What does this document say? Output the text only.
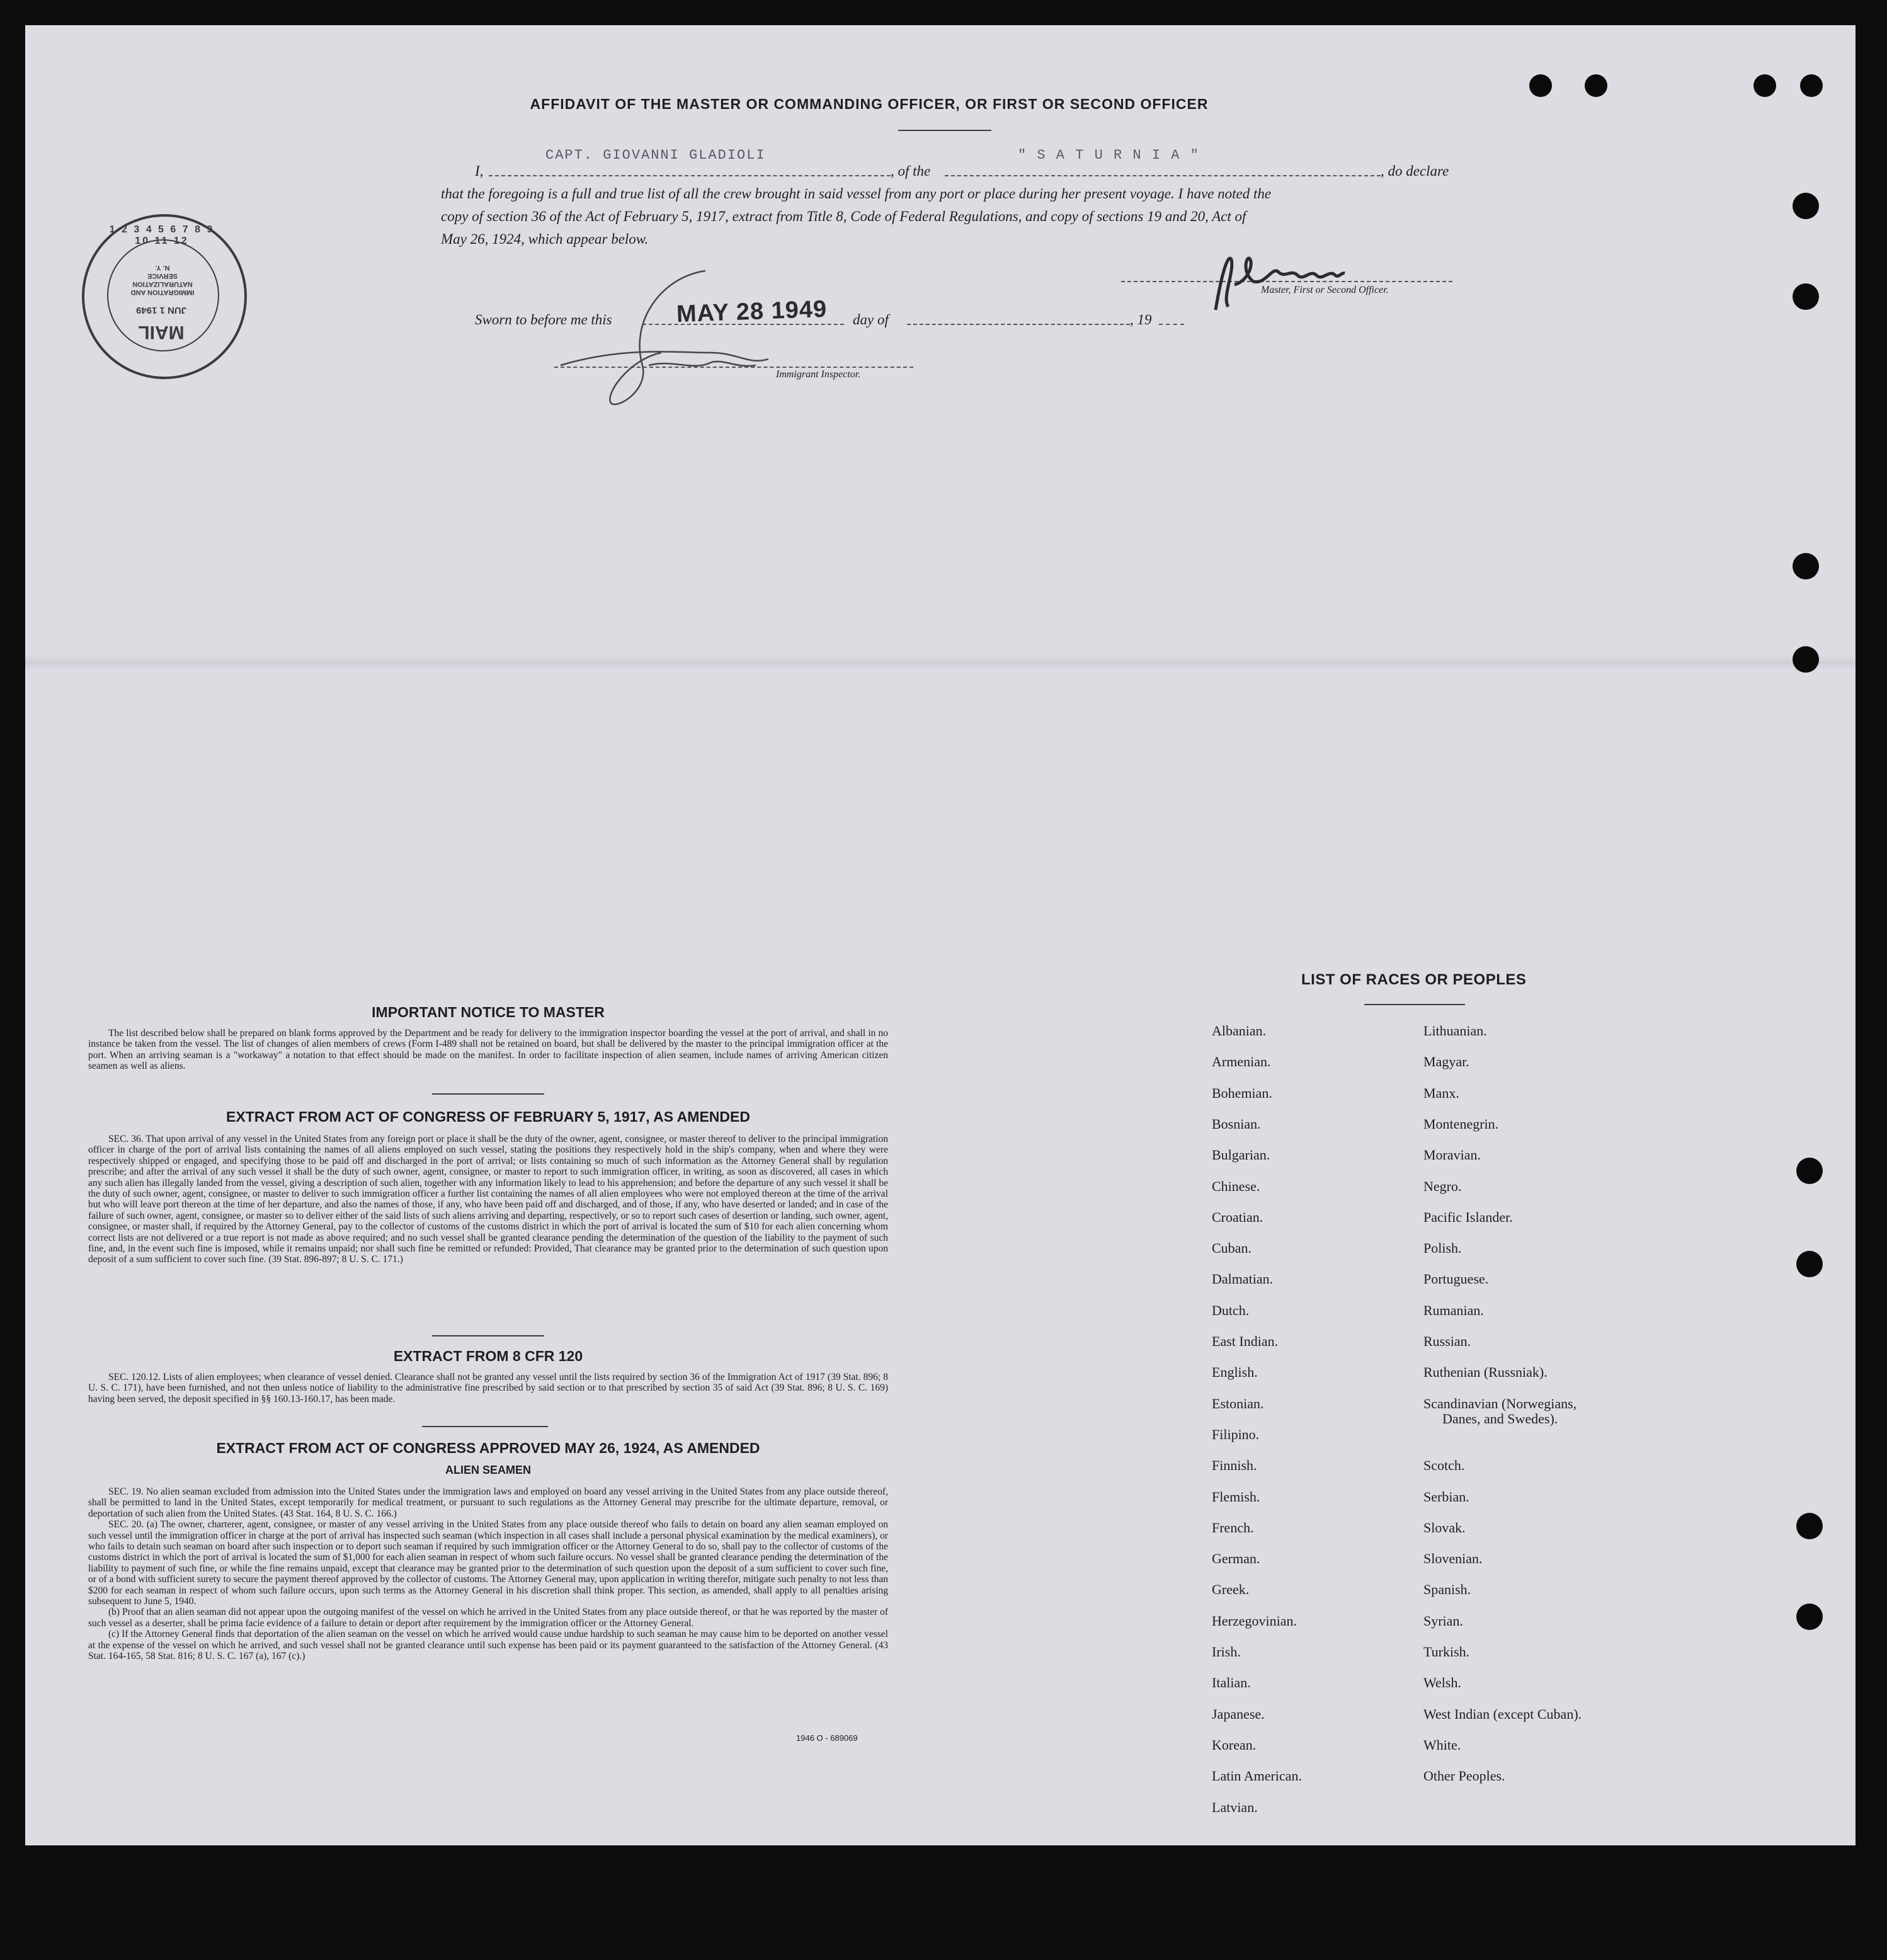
AFFIDAVIT OF THE MASTER OR COMMANDING OFFICER, OR FIRST OR SECOND OFFICER
I,
CAPT. GIOVANNI GLADIOLI
, of the
" S A T U R N I A "
, do declare
that the foregoing is a full and true list of all the crew brought in said vessel from any port or place during her present voyage. I have noted the
copy of section 36 of the Act of February 5, 1917, extract from Title 8, Code of Federal Regulations, and copy of sections 19 and 20, Act of
May 26, 1924, which appear below.
Sworn to before me this	MAY 28 1949 day of	, 19
Master, First or Second Officer.
Immigrant Inspector.
1 2 3 4 5 6 7 8 9 10 11 12
IMMIGRATION AND
NATURALIZATION
SERVICE
N. Y.
JUN 1 1949
MAIL
IMPORTANT NOTICE TO MASTER

The list described below shall be prepared on blank forms approved by the Department and be ready for delivery to the immigration inspector boarding the vessel at the port of arrival, and shall in no instance be taken from the vessel. The list of changes of alien members of crews (Form I-489 shall not be retained on board, but shall be delivered by the master to the principal immigration officer at the port. When an arriving seaman is a "workaway" a notation to that effect should be made on the manifest. In order to facilitate inspection of alien seamen, include names of arriving American citizen seamen as well as aliens.

EXTRACT FROM ACT OF CONGRESS OF FEBRUARY 5, 1917, AS AMENDED

SEC. 36. That upon arrival of any vessel in the United States from any foreign port or place it shall be the duty of the owner, agent, consignee, or master thereof to deliver to the principal immigration officer in charge of the port of arrival lists containing the names of all aliens employed on such vessel, stating the positions they respectively hold in the ship's company, when and where they were respectively shipped or engaged, and specifying those to be paid off and discharged in the port of arrival; or lists containing so much of such information as the Attorney General shall by regulation prescribe; and after the arrival of any such vessel it shall be the duty of such owner, agent, consignee, or master to report to such immigration officer, in writing, as soon as discovered, all cases in which any such alien has illegally landed from the vessel, giving a description of such alien, together with any information likely to lead to his apprehension; and before the departure of any such vessel it shall be the duty of such owner, agent, consignee, or master to deliver to such immigration officer a further list containing the names of all alien employees who were not employed thereon at the time of the arrival but who will leave port thereon at the time of her departure, and also the names of those, if any, who have been paid off and discharged, and of those, if any, who have deserted or landed; and in case of the failure of such owner, agent, consignee, or master so to deliver either of the said lists of such aliens arriving and departing, respectively, or so to report such cases of desertion or landing, such owner, agent, consignee, or master shall, if required by the Attorney General, pay to the collector of customs of the customs district in which the port of arrival is located the sum of $10 for each alien concerning whom correct lists are not delivered or a true report is not made as above required; and no such vessel shall be granted clearance pending the determination of the question of the liability to the payment of such fine, and, in the event such fine is imposed, while it remains unpaid; nor shall such fine be remitted or refunded: Provided, That clearance may be granted prior to the determination of such question upon deposit of a sum sufficient to cover such fine. (39 Stat. 896-897; 8 U. S. C. 171.)

EXTRACT FROM 8 CFR 120

SEC. 120.12. Lists of alien employees; when clearance of vessel denied. Clearance shall not be granted any vessel until the lists required by section 36 of the Immigration Act of 1917 (39 Stat. 896; 8 U. S. C. 171), have been furnished, and not then unless notice of liability to the administrative fine prescribed by said section or to that prescribed by section 35 of said Act (39 Stat. 896; 8 U. S. C. 169) having been served, the deposit specified in §§ 160.13-160.17, has been made.

EXTRACT FROM ACT OF CONGRESS APPROVED MAY 26, 1924, AS AMENDED
ALIEN SEAMEN

SEC. 19. No alien seaman excluded from admission into the United States under the immigration laws and employed on board any vessel arriving in the United States from any place outside thereof, shall be permitted to land in the United States, except temporarily for medical treatment, or pursuant to such regulations as the Attorney General may prescribe for the ultimate departure, removal, or deportation of such alien from the United States. (43 Stat. 164, 8 U. S. C. 166.)

SEC. 20. (a) The owner, charterer, agent, consignee, or master of any vessel arriving in the United States from any place outside thereof who fails to detain on board any alien seaman employed on such vessel until the immigration officer in charge at the port of arrival has inspected such seaman (which inspection in all cases shall include a personal physical examination by the medical examiners), or who fails to detain such seaman on board after such inspection or to deport such seaman if required by such immigration officer or the Attorney General to do so, shall pay to the collector of customs of the customs district in which the port of arrival is located the sum of $1,000 for each alien seaman in respect of whom such failure occurs. No vessel shall be granted clearance pending the determination of the liability to payment of such fine, or while the fine remains unpaid, except that clearance may be granted prior to the determination of such question upon the deposit of a sum sufficient to cover such fine, or of a bond with sufficient surety to secure the payment thereof approved by the collector of customs. The Attorney General may, upon application in writing therefor, mitigate such penalty to not less than $200 for each seaman in respect of whom such failure occurs, upon such terms as the Attorney General in his discretion shall think proper. This section, as amended, shall apply to all penalties arising subsequent to June 5, 1940.

(b) Proof that an alien seaman did not appear upon the outgoing manifest of the vessel on which he arrived in the United States from any place outside thereof, or that he was reported by the master of such vessel as a deserter, shall be prima facie evidence of a failure to detain or deport after requirement by the immigration officer or the Attorney General.

(c) If the Attorney General finds that deportation of the alien seaman on the vessel on which he arrived would cause undue hardship to such seaman he may cause him to be deported on another vessel at the expense of the vessel on which he arrived, and such vessel shall not be granted clearance until such expense has been paid or its payment guaranteed to the satisfaction of the Attorney General. (43 Stat. 164-165, 58 Stat. 816; 8 U. S. C. 167 (a), 167 (c).)

1946 O - 689069
LIST OF RACES OR PEOPLES
Albanian.
Armenian.
Bohemian.
Bosnian.
Bulgarian.
Chinese.
Croatian.
Cuban.
Dalmatian.
Dutch.
East Indian.
English.
Estonian.
Filipino.
Finnish.
Flemish.
French.
German.
Greek.
Herzegovinian.
Irish.
Italian.
Japanese.
Korean.
Latin American.
Latvian.
Lithuanian.
Magyar.
Manx.
Montenegrin.
Moravian.
Negro.
Pacific Islander.
Polish.
Portuguese.
Rumanian.
Russian.
Ruthenian (Russniak).
Scandinavian (Norwegians,
Danes, and Swedes).
Scotch.
Serbian.
Slovak.
Slovenian.
Spanish.
Syrian.
Turkish.
Welsh.
West Indian (except Cuban).
White.
Other Peoples.
